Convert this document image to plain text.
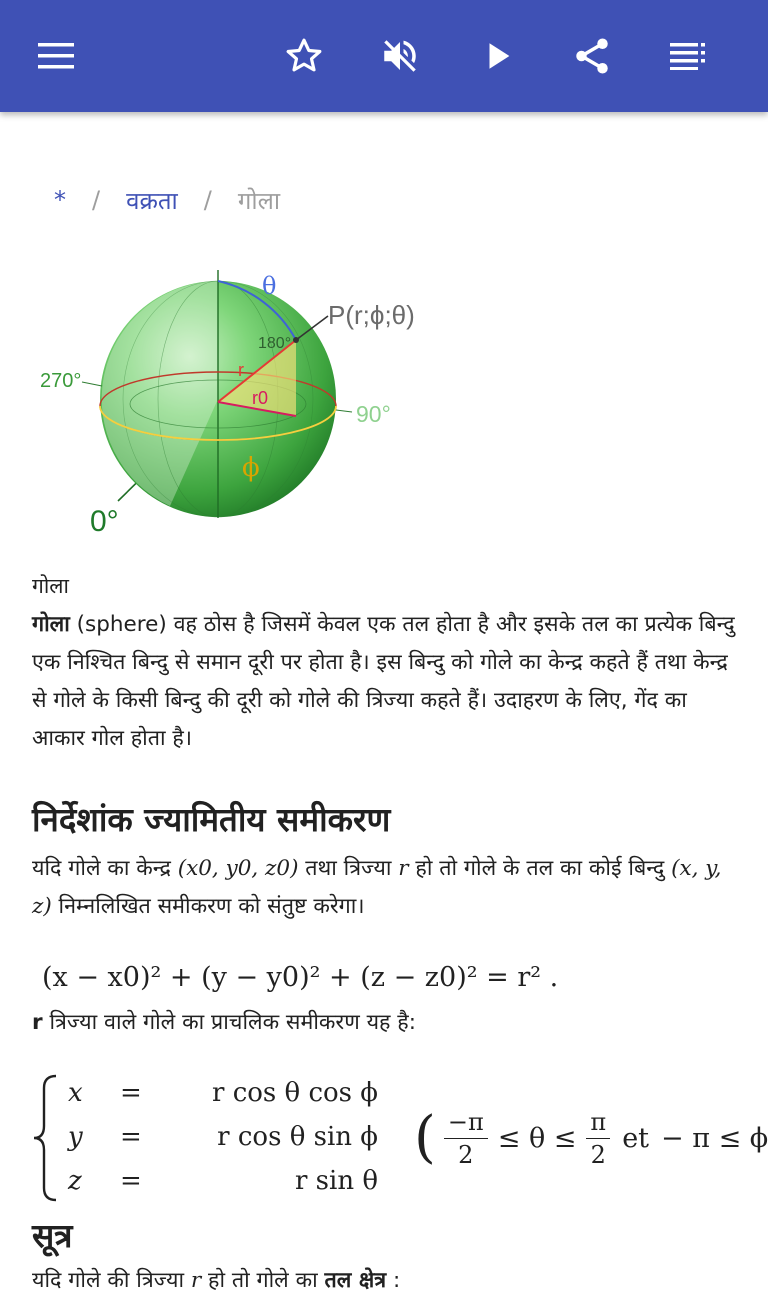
* / वक्रता / गोला
θ
P(r;ϕ;θ)
180°
270°
90°
0°
r
r0
ϕ
गोला
गोला (sphere) वह ठोस है जिसमें केवल एक तल होता है और इसके तल का प्रत्येक बिन्दु एक निश्चित बिन्दु से समान दूरी पर होता है। इस बिन्दु को गोले का केन्द्र कहते हैं तथा केन्द्र से गोले के किसी बिन्दु की दूरी को गोले की त्रिज्या कहते हैं। उदाहरण के लिए, गेंद का आकार गोल होता है।
निर्देशांक ज्यामितीय समीकरण
यदि गोले का केन्द्र (x0, y0, z0) तथा त्रिज्या r हो तो गोले के तल का कोई बिन्दु (x, y, z) निम्नलिखित समीकरण को संतुष्ट करेगा।
(x − x0)² + (y − y0)² + (z − z0)² = r² .
r त्रिज्या वाले गोले का प्राचलिक समीकरण यह है:
x =	r cos θ cos ϕ
y =	r cos θ sin ϕ
z =	r sin θ
( $\frac{-\pi}{2} \le \theta \le \frac{\pi}{2}$ et − π ≤ ϕ
सूत्र
यदि गोले की त्रिज्या r हो तो गोले का तल क्षेत्र :
